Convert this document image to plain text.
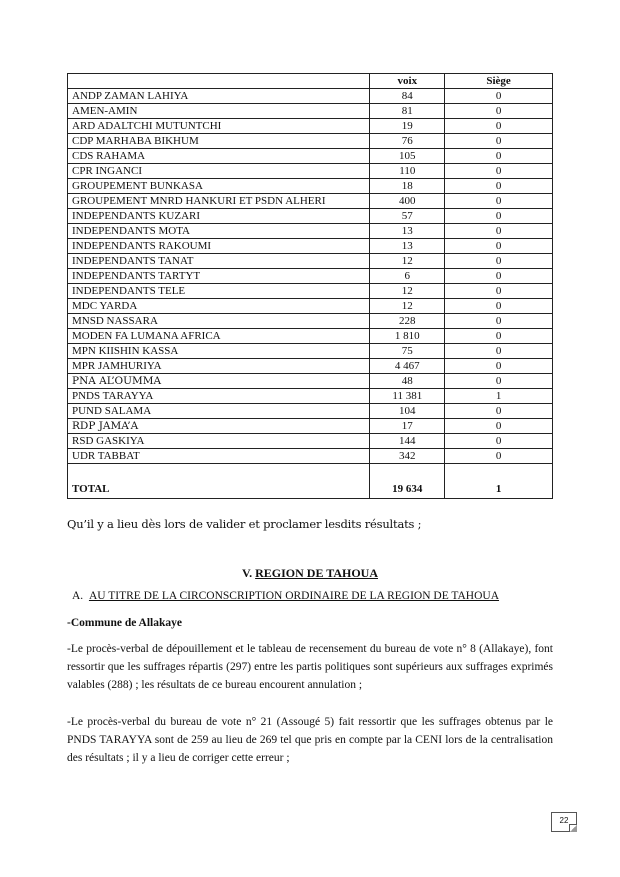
	voix	Siège
ANDP ZAMAN LAHIYA	84	0
AMEN-AMIN	81	0
ARD ADALTCHI MUTUNTCHI	19	0
CDP MARHABA BIKHUM	76	0
CDS RAHAMA	105	0
CPR INGANCI	110	0
GROUPEMENT BUNKASA	18	0
GROUPEMENT MNRD HANKURI ET PSDN ALHERI	400	0
INDEPENDANTS KUZARI	57	0
INDEPENDANTS MOTA	13	0
INDEPENDANTS RAKOUMI	13	0
INDEPENDANTS TANAT	12	0
INDEPENDANTS TARTYT	6	0
INDEPENDANTS TELE	12	0
MDC YARDA	12	0
MNSD NASSARA	228	0
MODEN FA LUMANA AFRICA	1 810	0
MPN KIISHIN KASSA	75	0
MPR JAMHURIYA	4 467	0
PNA AL’OUMMA	48	0
PNDS TARAYYA	11 381	1
PUND SALAMA	104	0
RDP JAMA’A	17	0
RSD GASKIYA	144	0
UDR TABBAT	342	0
TOTAL	19 634	1
Qu’il y a lieu dès lors de valider et proclamer lesdits résultats ;
V. REGION DE TAHOUA
A. AU TITRE DE LA CIRCONSCRIPTION ORDINAIRE DE LA REGION DE TAHOUA
-Commune de Allakaye
-Le procès-verbal de dépouillement et le tableau de recensement du bureau de vote n° 8 (Allakaye), font ressortir que les suffrages répartis (297) entre les partis politiques sont supérieurs aux suffrages exprimés valables (288) ; les résultats de ce bureau encourent annulation ;
-Le procès-verbal du bureau de vote n° 21 (Assougé 5) fait ressortir que les suffrages obtenus par le PNDS TARAYYA sont de 259 au lieu de 269 tel que pris en compte par la CENI lors de la centralisation des résultats ; il y a lieu de corriger cette erreur ;
22
